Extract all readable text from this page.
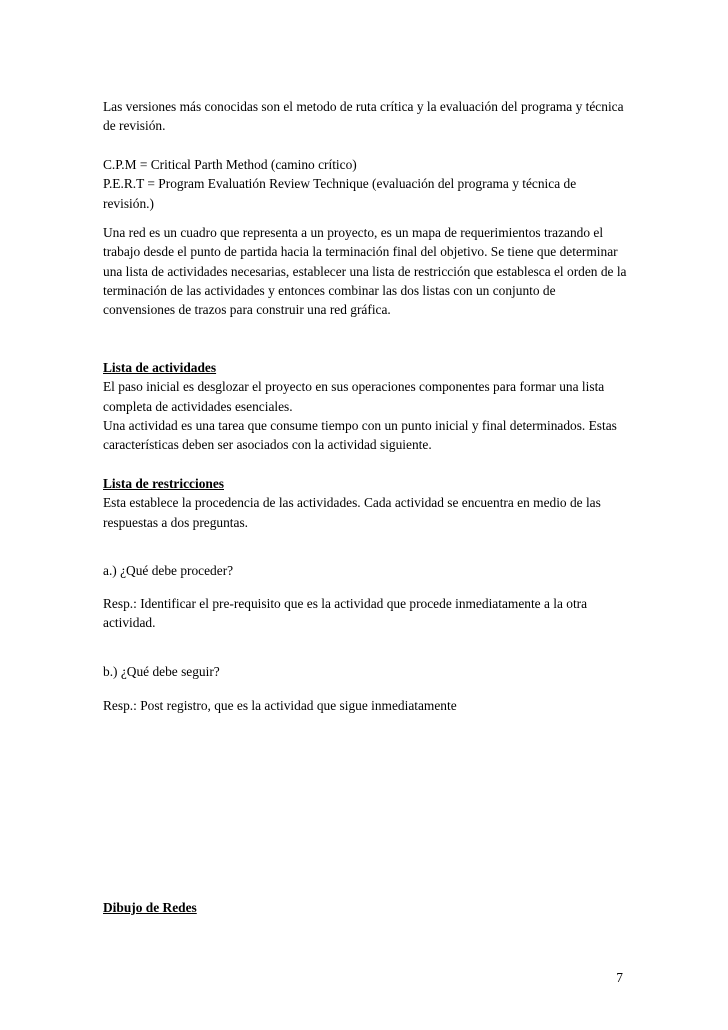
Las versiones más conocidas son el metodo de ruta crítica y la evaluación del programa y técnica de revisión.

C.P.M = Critical Parth Method (camino crítico)

P.E.R.T = Program Evaluatión Review Technique (evaluación del programa y técnica de revisión.)

Una red es un cuadro que representa a un proyecto, es un mapa de requerimientos trazando el trabajo desde el punto de partida hacia la terminación final del objetivo. Se tiene que determinar una lista de actividades necesarias, establecer una lista de restricción que establesca el orden de la terminación de las actividades y entonces combinar las dos listas con un conjunto de convensiones de trazos para construir una red gráfica.

Lista de actividades

El paso inicial es desglozar el proyecto en sus operaciones componentes para formar una lista completa de actividades esenciales.

Una actividad es una tarea que consume tiempo con un punto inicial y final determinados. Estas características deben ser asociados con la actividad siguiente.

Lista de restricciones

Esta establece la procedencia de las actividades. Cada actividad se encuentra en medio de las respuestas a dos preguntas.

a.) ¿Qué debe proceder?

Resp.: Identificar el pre-requisito que es la actividad que procede inmediatamente a la otra actividad.

b.) ¿Qué debe seguir?

Resp.: Post registro, que es la actividad que sigue inmediatamente

Dibujo de Redes
7
